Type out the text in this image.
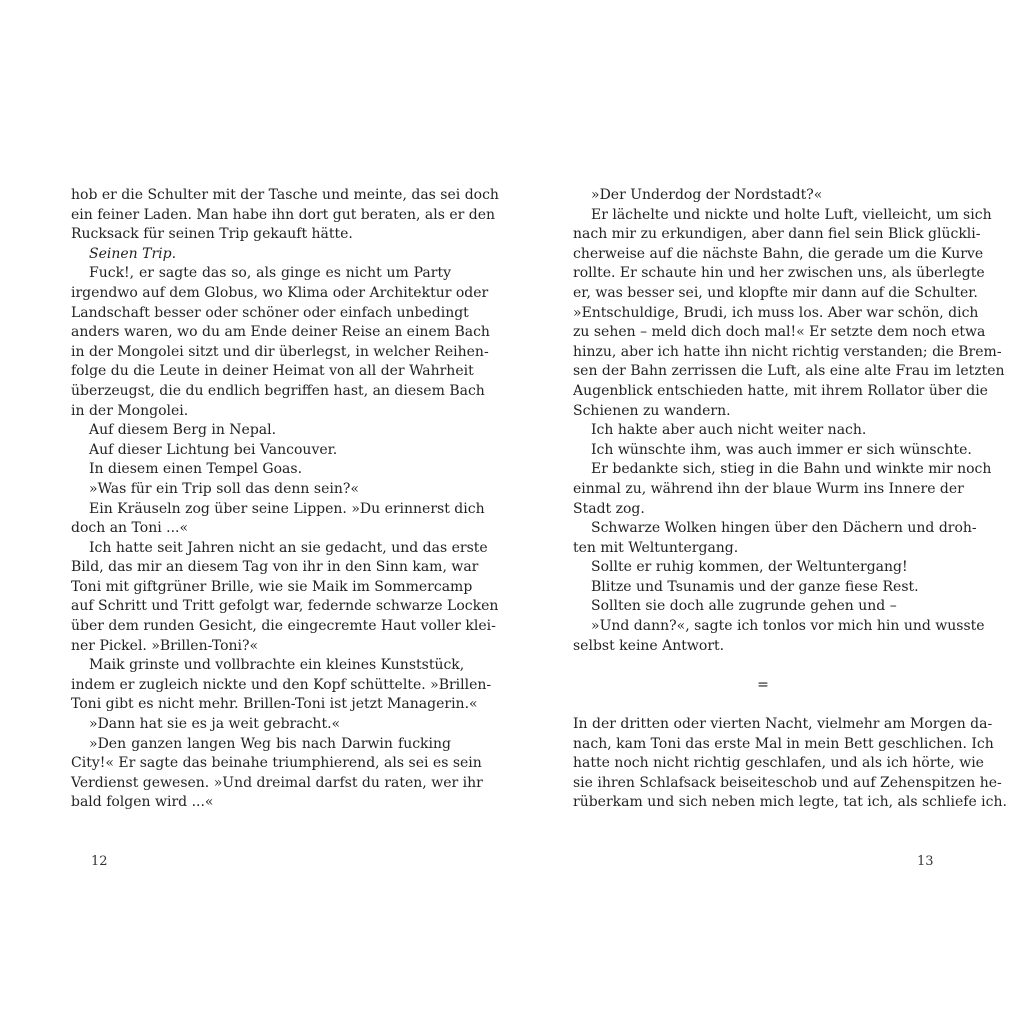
hob er die Schulter mit der Tasche und meinte, das sei doch
ein feiner Laden. Man habe ihn dort gut beraten, als er den
Rucksack für seinen Trip gekauft hätte.
Seinen Trip.
Fuck!, er sagte das so, als ginge es nicht um Party
irgendwo auf dem Globus, wo Klima oder Architektur oder
Landschaft besser oder schöner oder einfach unbedingt
anders waren, wo du am Ende deiner Reise an einem Bach
in der Mongolei sitzt und dir überlegst, in welcher Reihen-
folge du die Leute in deiner Heimat von all der Wahrheit
überzeugst, die du endlich begriffen hast, an diesem Bach
in der Mongolei.
Auf diesem Berg in Nepal.
Auf dieser Lichtung bei Vancouver.
In diesem einen Tempel Goas.
»Was für ein Trip soll das denn sein?«
Ein Kräuseln zog über seine Lippen. »Du erinnerst dich
doch an Toni ...«
Ich hatte seit Jahren nicht an sie gedacht, und das erste
Bild, das mir an diesem Tag von ihr in den Sinn kam, war
Toni mit giftgrüner Brille, wie sie Maik im Sommercamp
auf Schritt und Tritt gefolgt war, federnde schwarze Locken
über dem runden Gesicht, die eingecremte Haut voller klei-
ner Pickel. »Brillen-Toni?«
Maik grinste und vollbrachte ein kleines Kunststück,
indem er zugleich nickte und den Kopf schüttelte. »Brillen-
Toni gibt es nicht mehr. Brillen-Toni ist jetzt Managerin.«
»Dann hat sie es ja weit gebracht.«
»Den ganzen langen Weg bis nach Darwin fucking
City!« Er sagte das beinahe triumphierend, als sei es sein
Verdienst gewesen. »Und dreimal darfst du raten, wer ihr
bald folgen wird ...«
»Der Underdog der Nordstadt?«
Er lächelte und nickte und holte Luft, vielleicht, um sich
nach mir zu erkundigen, aber dann fiel sein Blick glückli-
cherweise auf die nächste Bahn, die gerade um die Kurve
rollte. Er schaute hin und her zwischen uns, als überlegte
er, was besser sei, und klopfte mir dann auf die Schulter.
»Entschuldige, Brudi, ich muss los. Aber war schön, dich
zu sehen – meld dich doch mal!« Er setzte dem noch etwa
hinzu, aber ich hatte ihn nicht richtig verstanden; die Brem-
sen der Bahn zerrissen die Luft, als eine alte Frau im letzten
Augenblick entschieden hatte, mit ihrem Rollator über die
Schienen zu wandern.
Ich hakte aber auch nicht weiter nach.
Ich wünschte ihm, was auch immer er sich wünschte.
Er bedankte sich, stieg in die Bahn und winkte mir noch
einmal zu, während ihn der blaue Wurm ins Innere der
Stadt zog.
Schwarze Wolken hingen über den Dächern und droh-
ten mit Weltuntergang.
Sollte er ruhig kommen, der Weltuntergang!
Blitze und Tsunamis und der ganze fiese Rest.
Sollten sie doch alle zugrunde gehen und –
»Und dann?«, sagte ich tonlos vor mich hin und wusste
selbst keine Antwort.
=
In der dritten oder vierten Nacht, vielmehr am Morgen da-
nach, kam Toni das erste Mal in mein Bett geschlichen. Ich
hatte noch nicht richtig geschlafen, und als ich hörte, wie
sie ihren Schlafsack beiseiteschob und auf Zehenspitzen he-
rüberkam und sich neben mich legte, tat ich, als schliefe ich.
12	13
